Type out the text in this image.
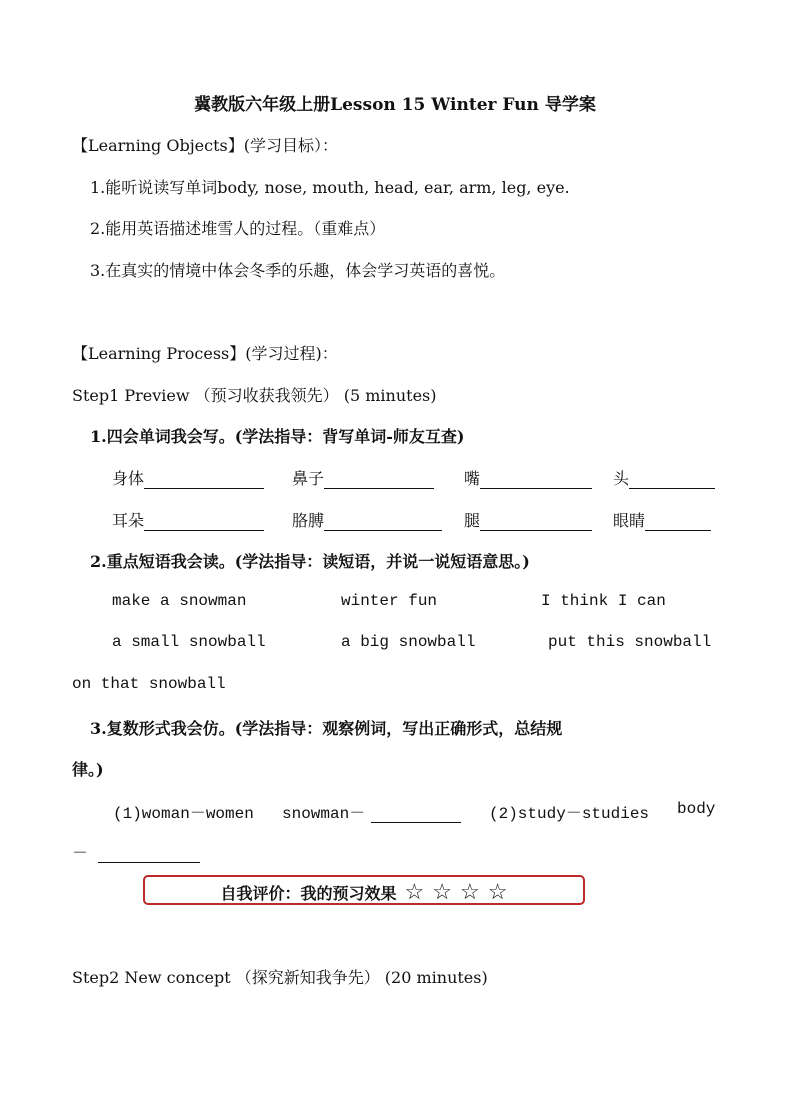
冀教版六年级上册Lesson 15 Winter Fun 导学案
【Learning Objects】(学习目标）：
1.能听说读写单词body, nose, mouth, head, ear, arm, leg, eye.
2.能用英语描述堆雪人的过程。（重难点）
3.在真实的情境中体会冬季的乐趣，体会学习英语的喜悦。
【Learning Process】(学习过程)：
Step1 Preview （预习收获我领先） (5 minutes)
1.四会单词我会写。(学法指导：背写单词-师友互查)
身体	鼻子	嘴	头
耳朵	胳膊	腿	眼睛
2.重点短语我会读。(学法指导：读短语，并说一说短语意思。)
make a snowman	winter fun	I think I can
a small snowball	a big snowball	put this snowball
on that snowball
3.复数形式我会仿。(学法指导：观察例词，写出正确形式，总结规
律。)
(1)woman－women snowman－	(2)study－studies body
－
自我评价：我的预习效果 ☆ ☆ ☆ ☆
Step2 New concept （探究新知我争先） (20 minutes)
